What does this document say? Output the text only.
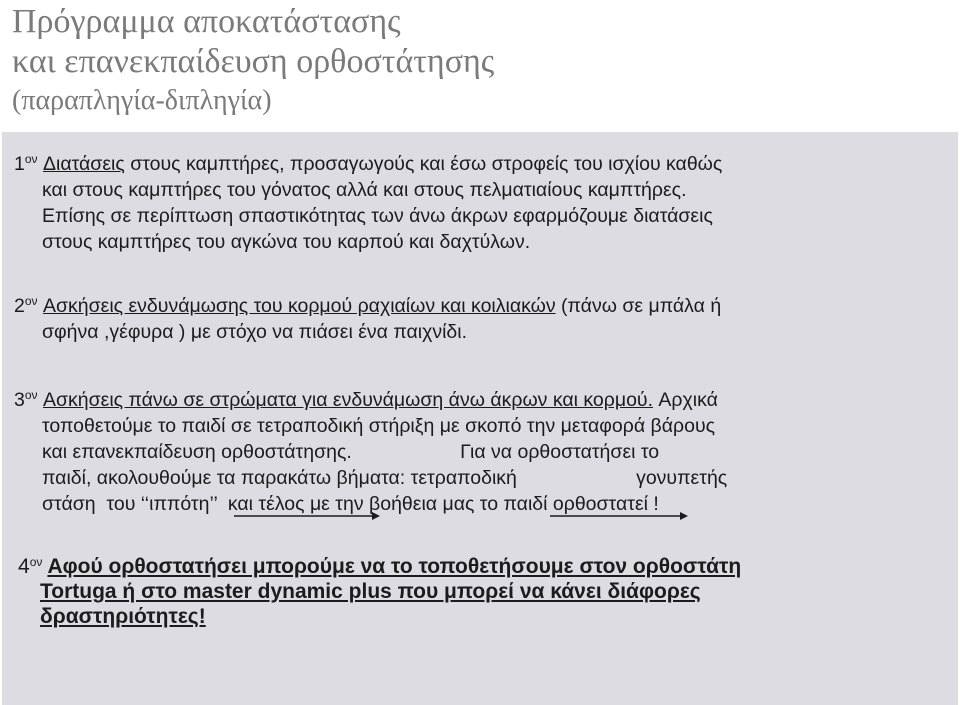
Πρόγραμμα αποκατάστασης
και επανεκπαίδευση ορθοστάτησης
(παραπληγία-διπληγία)

$1^{o\nu}$ Διατάσεις στους καμπτήρες, προσαγωγούς και έσω στροφείς του ισχίου καθώς
και στους καμπτήρες του γόνατος αλλά και στους πελματιαίους καμπτήρες.
Επίσης σε περίπτωση σπαστικότητας των άνω άκρων εφαρμόζουμε διατάσεις
στους καμπτήρες του αγκώνα του καρπού και δαχτύλων.

$2^{o\nu}$ Ασκήσεις ενδυνάμωσης του κορμού ραχιαίων και κοιλιακών (πάνω σε μπάλα ή
σφήνα ,γέφυρα ) με στόχο να πιάσει ένα παιχνίδι.

$3^{o\nu}$ Ασκήσεις πάνω σε στρώματα για ενδυνάμωση άνω άκρων και κορμού. Αρχικά
τοποθετούμε το παιδί σε τετραποδική στήριξη με σκοπό την μεταφορά βάρους
και επανεκπαίδευση ορθοστάτησης.                    Για να ορθοστατήσει το
παιδί, ακολουθούμε τα παρακάτω βήματα: τετραποδική                      γονυπετής
στάση  του ‘‘ιππότη’’  και τέλος με την βοήθεια μας το παιδί ορθοστατεί !

$4^{o\nu}$ Αφού ορθοστατήσει μπορούμε να το τοποθετήσουμε στον ορθοστάτη
Tortuga ή στο master dynamic plus που μπορεί να κάνει διάφορες
δραστηριότητες!
